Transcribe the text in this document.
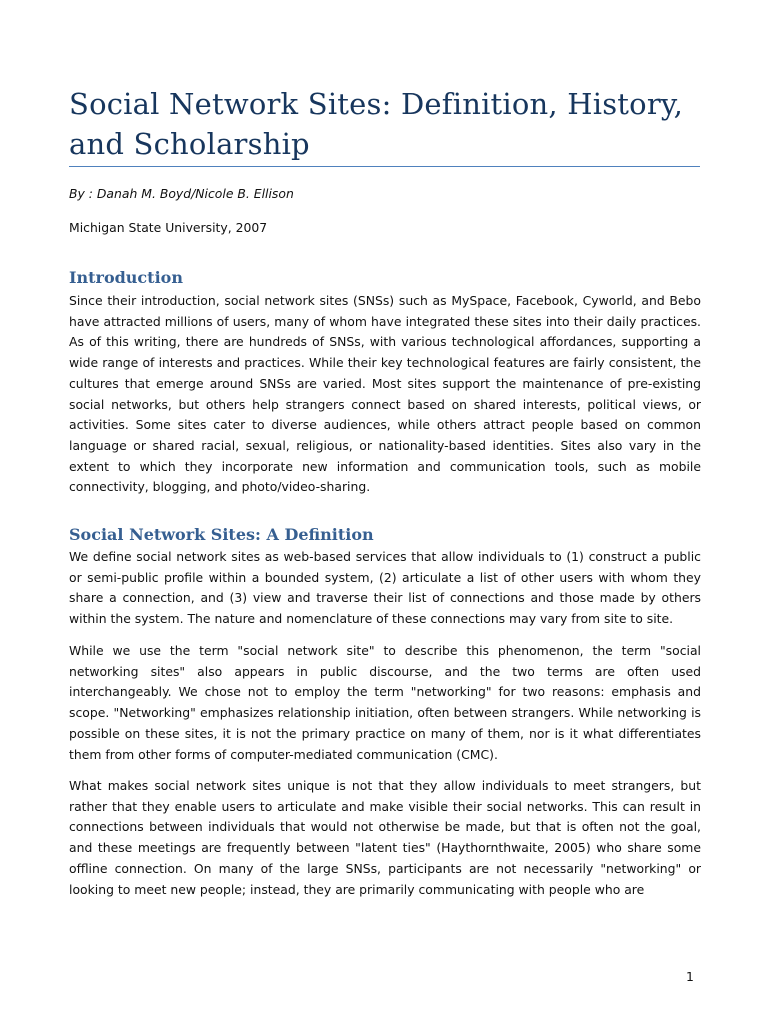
Social Network Sites: Definition, History, and Scholarship
By : Danah M. Boyd/Nicole B. Ellison
Michigan State University, 2007
Introduction

Since their introduction, social network sites (SNSs) such as MySpace, Facebook, Cyworld, and Bebo have attracted millions of users, many of whom have integrated these sites into their daily practices. As of this writing, there are hundreds of SNSs, with various technological affordances, supporting a wide range of interests and practices. While their key technological features are fairly consistent, the cultures that emerge around SNSs are varied. Most sites support the maintenance of pre-existing social networks, but others help strangers connect based on shared interests, political views, or activities. Some sites cater to diverse audiences, while others attract people based on common language or shared racial, sexual, religious, or nationality-based identities. Sites also vary in the extent to which they incorporate new information and communication tools, such as mobile connectivity, blogging, and photo/video-sharing.

Social Network Sites: A Definition

We define social network sites as web-based services that allow individuals to (1) construct a public or semi-public profile within a bounded system, (2) articulate a list of other users with whom they share a connection, and (3) view and traverse their list of connections and those made by others within the system. The nature and nomenclature of these connections may vary from site to site.

While we use the term "social network site" to describe this phenomenon, the term "social networking sites" also appears in public discourse, and the two terms are often used interchangeably. We chose not to employ the term "networking" for two reasons: emphasis and scope. "Networking" emphasizes relationship initiation, often between strangers. While networking is possible on these sites, it is not the primary practice on many of them, nor is it what differentiates them from other forms of computer-mediated communication (CMC).

What makes social network sites unique is not that they allow individuals to meet strangers, but rather that they enable users to articulate and make visible their social networks. This can result in connections between individuals that would not otherwise be made, but that is often not the goal, and these meetings are frequently between "latent ties" (Haythornthwaite, 2005) who share some offline connection. On many of the large SNSs, participants are not necessarily "networking" or looking to meet new people; instead, they are primarily communicating with people who are

1
